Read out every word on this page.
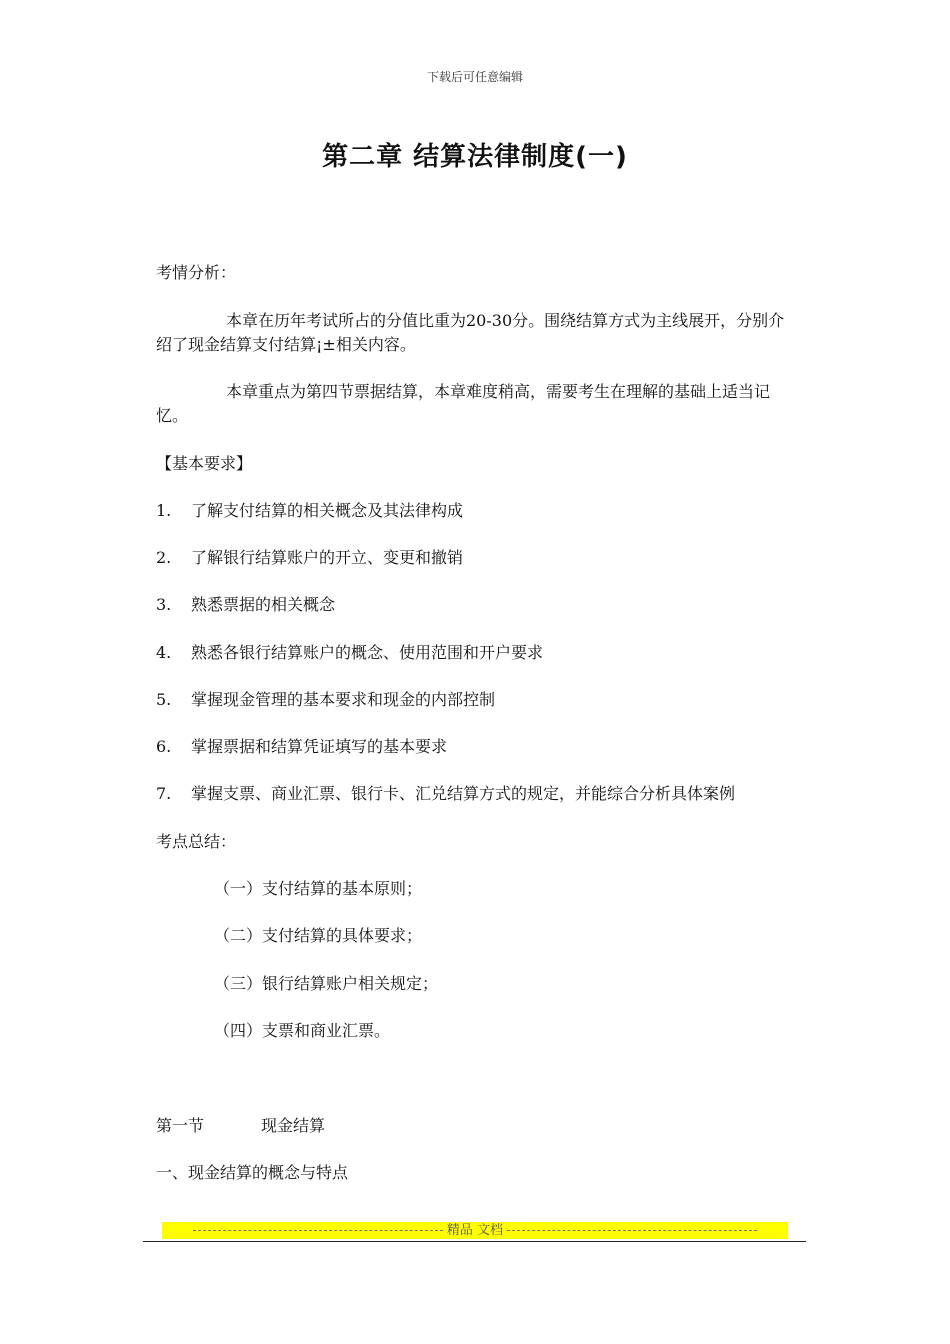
下载后可任意编辑
第二章 结算法律制度(一)
考情分析：
本章在历年考试所占的分值比重为20-30分。围绕结算方式为主线展开，分别介绍了现金结算支付结算¡±相关内容。
本章重点为第四节票据结算，本章难度稍高，需要考生在理解的基础上适当记忆。
【基本要求】
1. 了解支付结算的相关概念及其法律构成
2. 了解银行结算账户的开立、变更和撤销
3. 熟悉票据的相关概念
4. 熟悉各银行结算账户的概念、使用范围和开户要求
5. 掌握现金管理的基本要求和现金的内部控制
6. 掌握票据和结算凭证填写的基本要求
7. 掌握支票、商业汇票、银行卡、汇兑结算方式的规定，并能综合分析具体案例
考点总结：
（一）支付结算的基本原则；
（二）支付结算的具体要求；
（三）银行结算账户相关规定；
（四）支票和商业汇票。
第一节	现金结算
一、现金结算的概念与特点
精品 文档
